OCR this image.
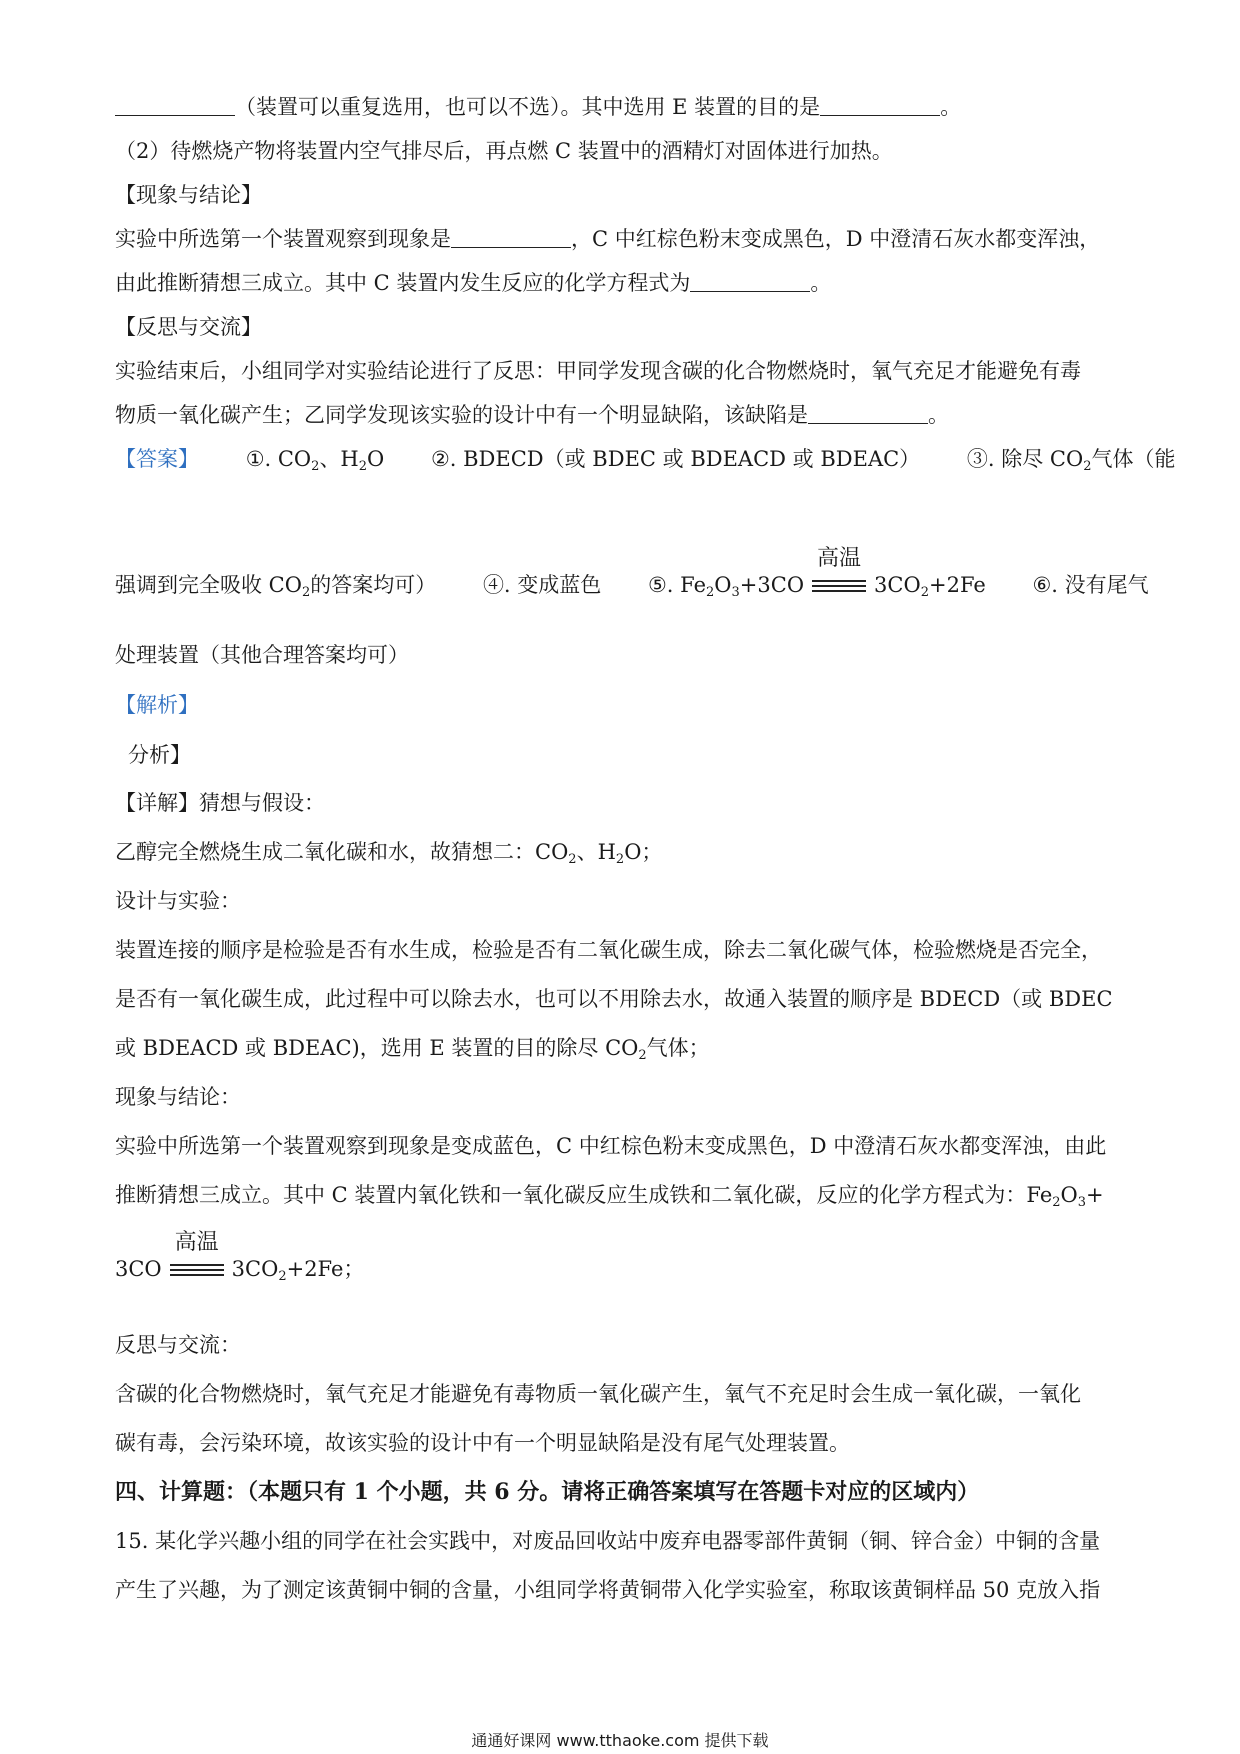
（装置可以重复选用，也可以不选）。其中选用 E 装置的目的是	。
（2）待燃烧产物将装置内空气排尽后，再点燃 C 装置中的酒精灯对固体进行加热。
【现象与结论】
实验中所选第一个装置观察到现象是	，C 中红棕色粉末变成黑色，D 中澄清石灰水都变浑浊，
由此推断猜想三成立。其中 C 装置内发生反应的化学方程式为	。
【反思与交流】
实验结束后，小组同学对实验结论进行了反思：甲同学发现含碳的化合物燃烧时，氧气充足才能避免有毒
物质一氧化碳产生；乙同学发现该实验的设计中有一个明显缺陷，该缺陷是	。
【答案】 ①. $CO_2$、$H_2O$ ②. BDECD（或 BDEC 或 BDEACD 或 BDEAC） ③. 除尽 $CO_2$气体（能
强调到完全吸收 $CO_2$的答案均可） ④. 变成蓝色 ⑤. $Fe_2O_3+3CO$
高温
$3CO_2+2Fe$ ⑥. 没有尾气
处理装置（其他合理答案均可）
【解析】
分析】
【详解】猜想与假设：
乙醇完全燃烧生成二氧化碳和水，故猜想二：$CO_2$、$H_2O$；
设计与实验：
装置连接的顺序是检验是否有水生成，检验是否有二氧化碳生成，除去二氧化碳气体，检验燃烧是否完全，
是否有一氧化碳生成，此过程中可以除去水，也可以不用除去水，故通入装置的顺序是 BDECD（或 BDEC
或 BDEACD 或 BDEAC)，选用 E 装置的目的除尽 $CO_2$气体；
现象与结论：
实验中所选第一个装置观察到现象是变成蓝色，C 中红棕色粉末变成黑色，D 中澄清石灰水都变浑浊，由此
推断猜想三成立。其中 C 装置内氧化铁和一氧化碳反应生成铁和二氧化碳，反应的化学方程式为：$Fe_2O_3+$
3CO
高温
$3CO_2+2Fe$；
反思与交流：
含碳的化合物燃烧时，氧气充足才能避免有毒物质一氧化碳产生，氧气不充足时会生成一氧化碳，一氧化
碳有毒，会污染环境，故该实验的设计中有一个明显缺陷是没有尾气处理装置。
四、计算题：（本题只有 1 个小题，共 6 分。请将正确答案填写在答题卡对应的区域内）
15. 某化学兴趣小组的同学在社会实践中，对废品回收站中废弃电器零部件黄铜（铜、锌合金）中铜的含量
产生了兴趣，为了测定该黄铜中铜的含量，小组同学将黄铜带入化学实验室，称取该黄铜样品 50 克放入指
通通好课网 www.tthaoke.com 提供下载
